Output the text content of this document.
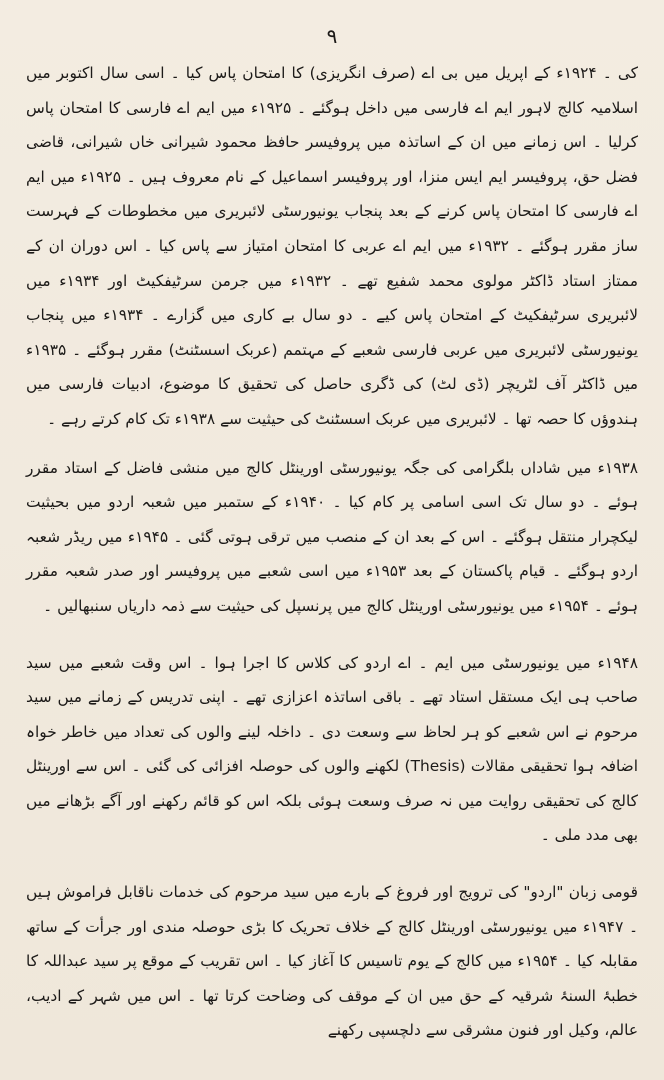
۹

کی ۔ ۱۹۲۴ء کے اپریل میں بی اے (صرف انگریزی) کا امتحان پاس کیا ۔ اسی سال اکتوبر میں اسلامیہ کالج لاہور ایم اے فارسی میں داخل ہوگئے ۔ ۱۹۲۵ء میں ایم اے فارسی کا امتحان پاس کرلیا ۔ اس زمانے میں ان کے اساتذہ میں پروفیسر حافظ محمود شیرانی خاں شیرانی، قاضی فضل حق، پروفیسر ایم ایس منزا، اور پروفیسر اسماعیل کے نام معروف ہیں ۔ ۱۹۲۵ء میں ایم اے فارسی کا امتحان پاس کرنے کے بعد پنجاب یونیورسٹی لائبریری میں مخطوطات کے فہرست ساز مقرر ہوگئے ۔ ۱۹۳۲ء میں ایم اے عربی کا امتحان امتیاز سے پاس کیا ۔ اس دوران ان کے ممتاز استاد ڈاکٹر مولوی محمد شفیع تھے ۔ ۱۹۳۲ء میں جرمن سرٹیفکیٹ اور ۱۹۳۴ء میں لائبریری سرٹیفکیٹ کے امتحان پاس کیے ۔ دو سال بے کاری میں گزارے ۔ ۱۹۳۴ء میں پنجاب یونیورسٹی لائبریری میں عربی فارسی شعبے کے مہتمم (عربک اسسٹنٹ) مقرر ہوگئے ۔ ۱۹۳۵ء میں ڈاکٹر آف لٹریچر (ڈی لٹ) کی ڈگری حاصل کی تحقیق کا موضوع، ادبیات فارسی میں ہندوؤں کا حصہ تھا ۔ لائبریری میں عربک اسسٹنٹ کی حیثیت سے ۱۹۳۸ء تک کام کرتے رہے ۔

۱۹۳۸ء میں شاداں بلگرامی کی جگہ یونیورسٹی اورینٹل کالج میں منشی فاضل کے استاد مقرر ہوئے ۔ دو سال تک اسی اسامی پر کام کیا ۔ ۱۹۴۰ء کے ستمبر میں شعبہ اردو میں بحیثیت لیکچرار منتقل ہوگئے ۔ اس کے بعد ان کے منصب میں ترقی ہوتی گئی ۔ ۱۹۴۵ء میں ریڈر شعبہ اردو ہوگئے ۔ قیام پاکستان کے بعد ۱۹۵۳ء میں اسی شعبے میں پروفیسر اور صدر شعبہ مقرر ہوئے ۔ ۱۹۵۴ء میں یونیورسٹی اورینٹل کالج میں پرنسپل کی حیثیت سے ذمہ داریاں سنبھالیں ۔

۱۹۴۸ء میں یونیورسٹی میں ایم ۔ اے اردو کی کلاس کا اجرا ہوا ۔ اس وقت شعبے میں سید صاحب ہی ایک مستقل استاد تھے ۔ باقی اساتذہ اعزازی تھے ۔ اپنی تدریس کے زمانے میں سید مرحوم نے اس شعبے کو ہر لحاظ سے وسعت دی ۔ داخلہ لینے والوں کی تعداد میں خاطر خواہ اضافہ ہوا تحقیقی مقالات (Thesis) لکھنے والوں کی حوصلہ افزائی کی گئی ۔ اس سے اورینٹل کالج کی تحقیقی روایت میں نہ صرف وسعت ہوئی بلکہ اس کو قائم رکھنے اور آگے بڑھانے میں بھی مدد ملی ۔

قومی زبان "اردو" کی ترویج اور فروغ کے بارے میں سید مرحوم کی خدمات ناقابل فراموش ہیں ۔ ۱۹۴۷ء میں یونیورسٹی اورینٹل کالج کے خلاف تحریک کا بڑی حوصلہ مندی اور جرأت کے ساتھ مقابلہ کیا ۔ ۱۹۵۴ء میں کالج کے یوم تاسیس کا آغاز کیا ۔ اس تقریب کے موقع پر سید عبداللہ کا خطبۂ السنۂ شرقیہ کے حق میں ان کے موقف کی وضاحت کرتا تھا ۔ اس میں شہر کے ادیب، عالم، وکیل اور فنون مشرقی سے دلچسپی رکھنے
